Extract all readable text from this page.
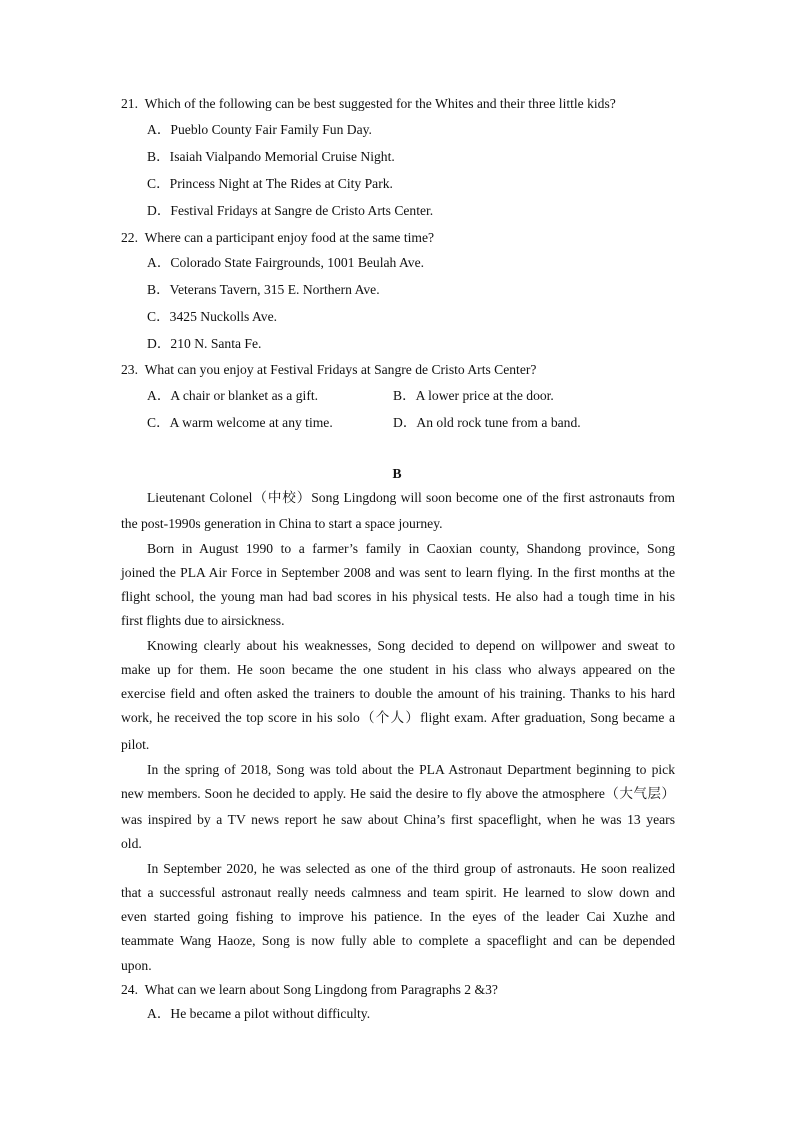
21. Which of the following can be best suggested for the Whites and their three little kids?
A．Pueblo County Fair Family Fun Day.
B．Isaiah Vialpando Memorial Cruise Night.
C．Princess Night at The Rides at City Park.
D．Festival Fridays at Sangre de Cristo Arts Center.
22. Where can a participant enjoy food at the same time?
A．Colorado State Fairgrounds, 1001 Beulah Ave.
B．Veterans Tavern, 315 E. Northern Ave.
C．3425 Nuckolls Ave.
D．210 N. Santa Fe.
23. What can you enjoy at Festival Fridays at Sangre de Cristo Arts Center?
A．A chair or blanket as a gift.	B．A lower price at the door.
C．A warm welcome at any time.	D．An old rock tune from a band.
B
Lieutenant Colonel（中校）Song Lingdong will soon become one of the first astronauts from
the post-1990s generation in China to start a space journey.
Born in August 1990 to a farmer’s family in Caoxian county, Shandong province, Song
joined the PLA Air Force in September 2008 and was sent to learn flying. In the first months at the
flight school, the young man had bad scores in his physical tests. He also had a tough time in his
first flights due to airsickness.
Knowing clearly about his weaknesses, Song decided to depend on willpower and sweat to
make up for them. He soon became the one student in his class who always appeared on the
exercise field and often asked the trainers to double the amount of his training. Thanks to his hard
work, he received the top score in his solo（个人）flight exam. After graduation, Song became a
pilot.
In the spring of 2018, Song was told about the PLA Astronaut Department beginning to pick
new members. Soon he decided to apply. He said the desire to fly above the atmosphere（大气层）
was inspired by a TV news report he saw about China’s first spaceflight, when he was 13 years
old.
In September 2020, he was selected as one of the third group of astronauts. He soon realized
that a successful astronaut really needs calmness and team spirit. He learned to slow down and
even started going fishing to improve his patience. In the eyes of the leader Cai Xuzhe and
teammate Wang Haoze, Song is now fully able to complete a spaceflight and can be depended
upon.
24. What can we learn about Song Lingdong from Paragraphs 2 &3?
A．He became a pilot without difficulty.
